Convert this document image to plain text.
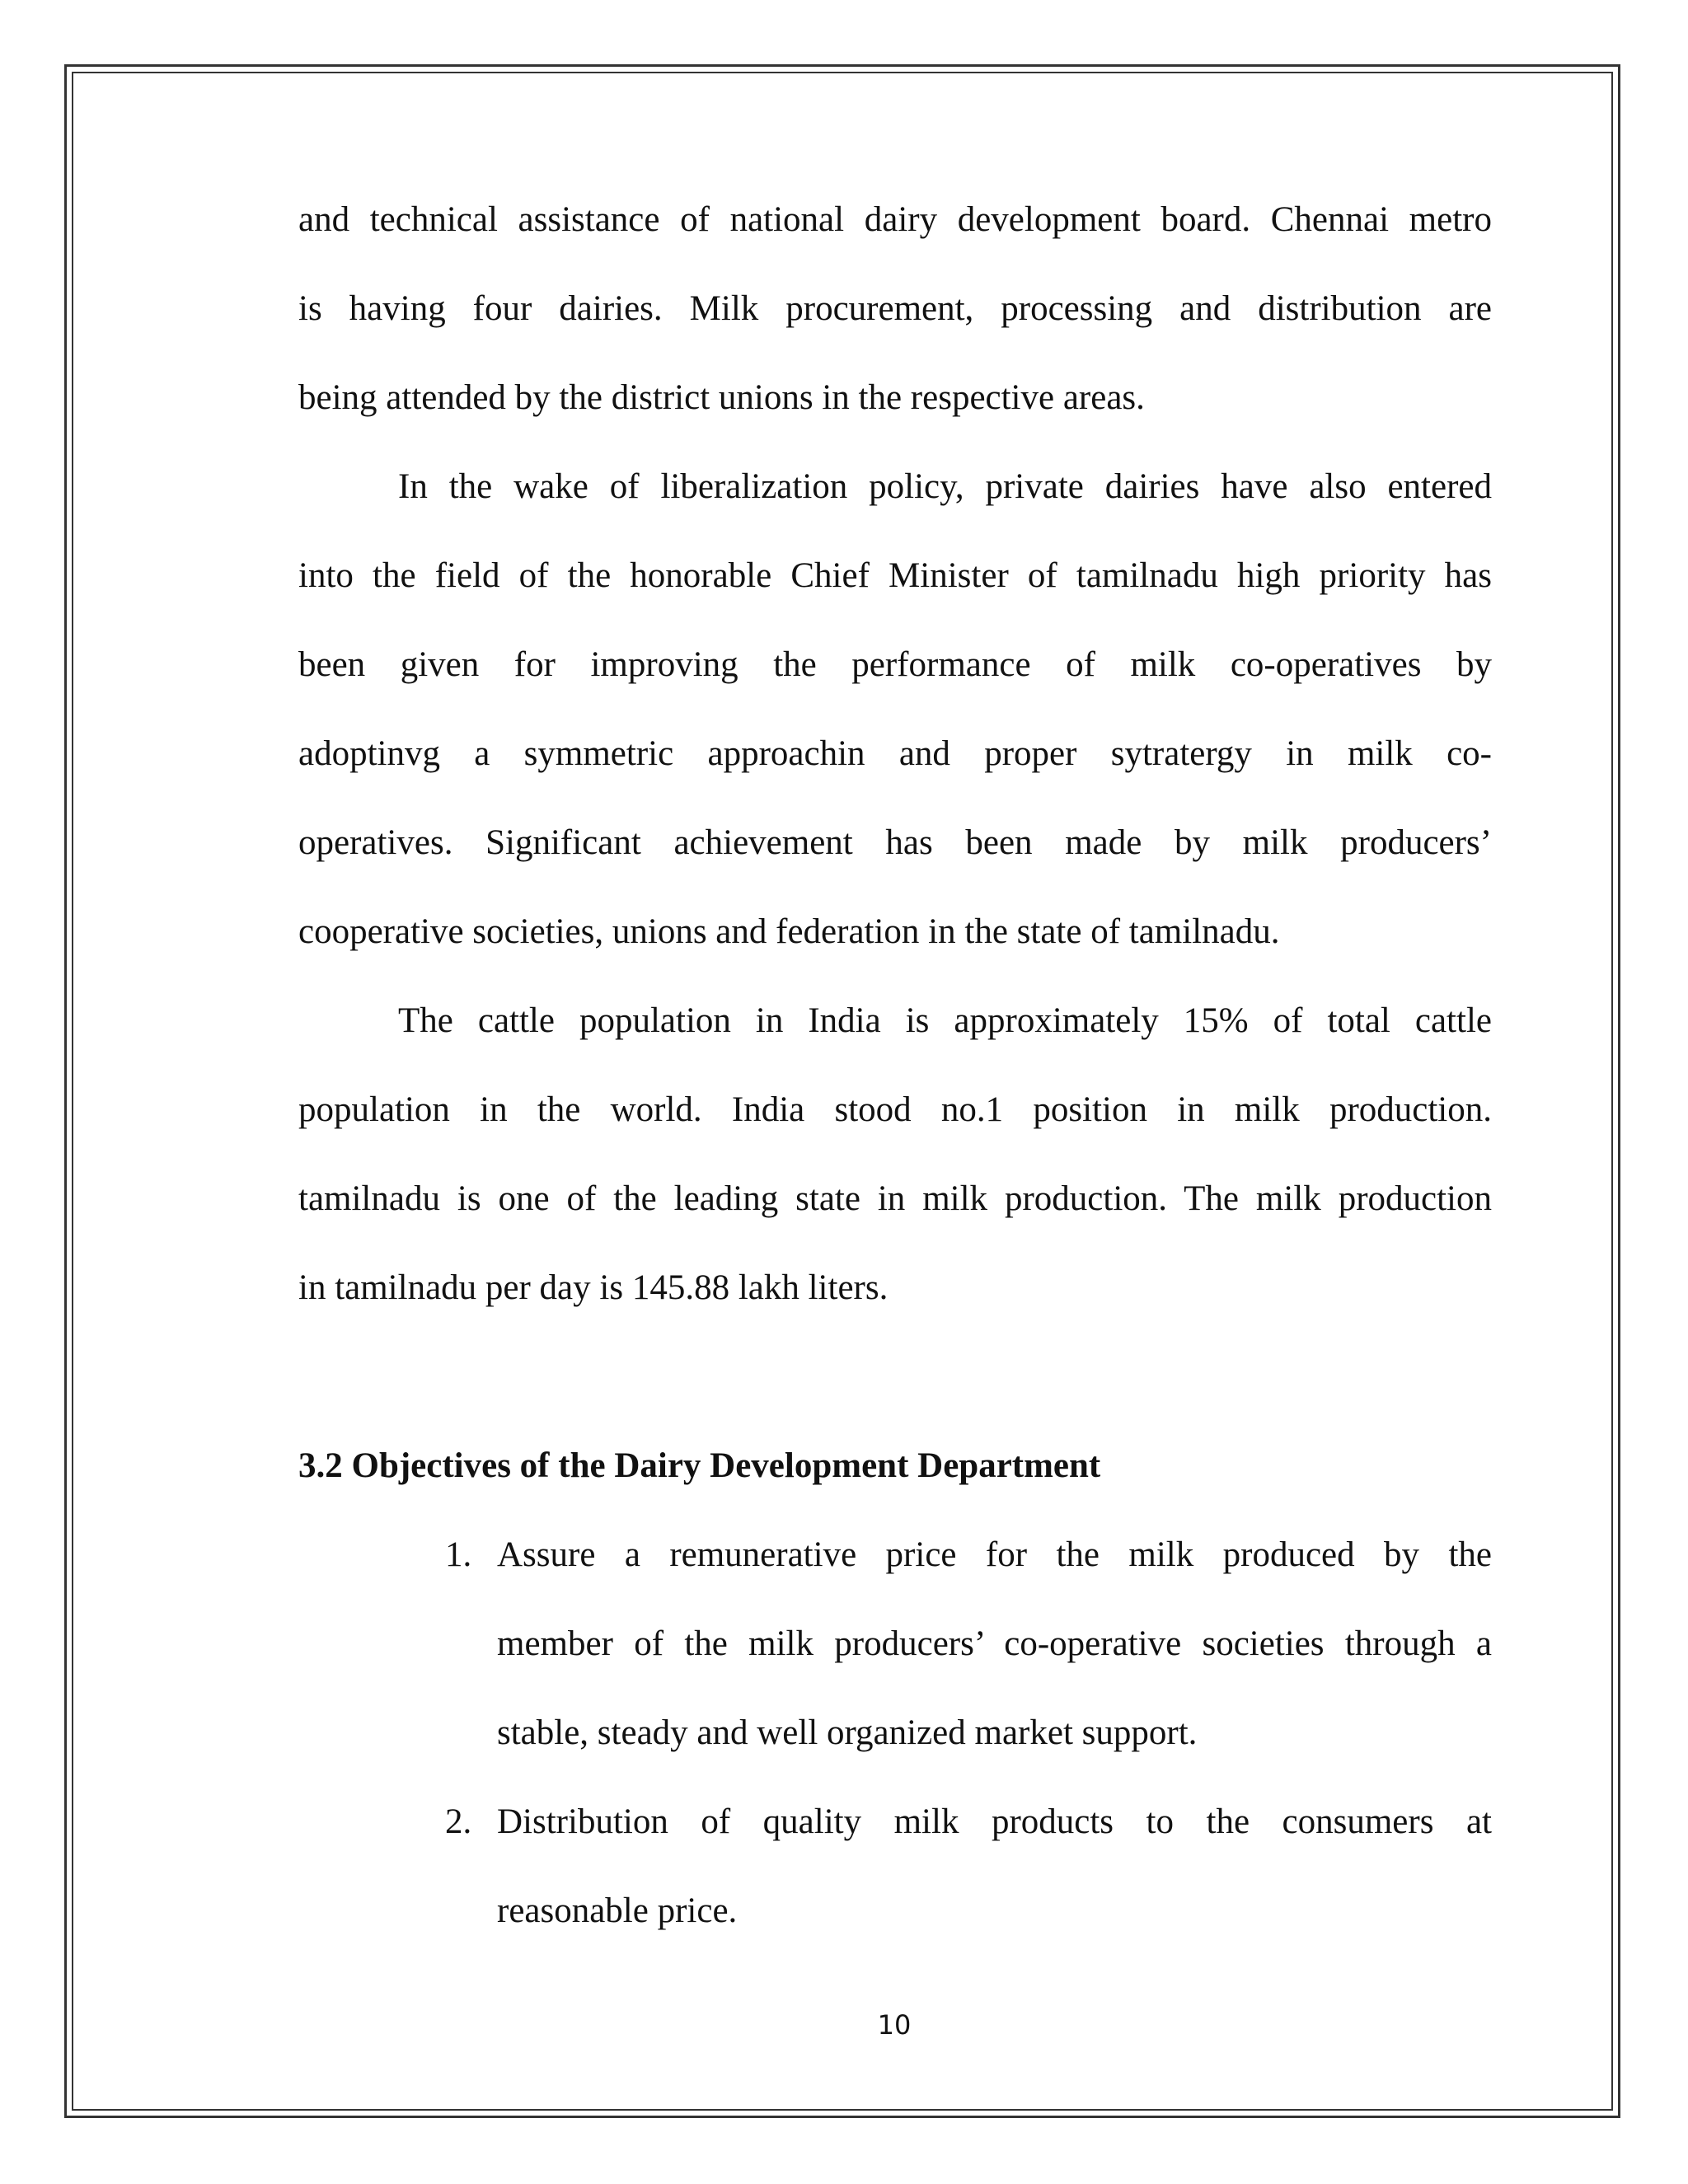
and technical assistance of national dairy development board. Chennai metro

is having four dairies. Milk procurement, processing and distribution are

being attended by the district unions in the respective areas.

In the wake of liberalization policy, private dairies have also entered

into the field of the honorable Chief Minister of tamilnadu high priority has

been given for improving the performance of milk co-operatives by

adoptinvg a symmetric approachin and proper sytratergy in milk co-

operatives. Significant achievement has been made by milk producers’

cooperative societies, unions and federation in the state of tamilnadu.

The cattle population in India is approximately 15% of total cattle

population in the world. India stood no.1 position in milk production.

tamilnadu is one of the leading state in milk production. The milk production

in tamilnadu per day is 145.88 lakh liters.

3.2 Objectives of the Dairy Development Department
1. Assure a remunerative price for the milk produced by the

member of the milk producers’ co-operative societies through a

stable, steady and well organized market support.

2. Distribution of quality milk products to the consumers at

reasonable price.

10
